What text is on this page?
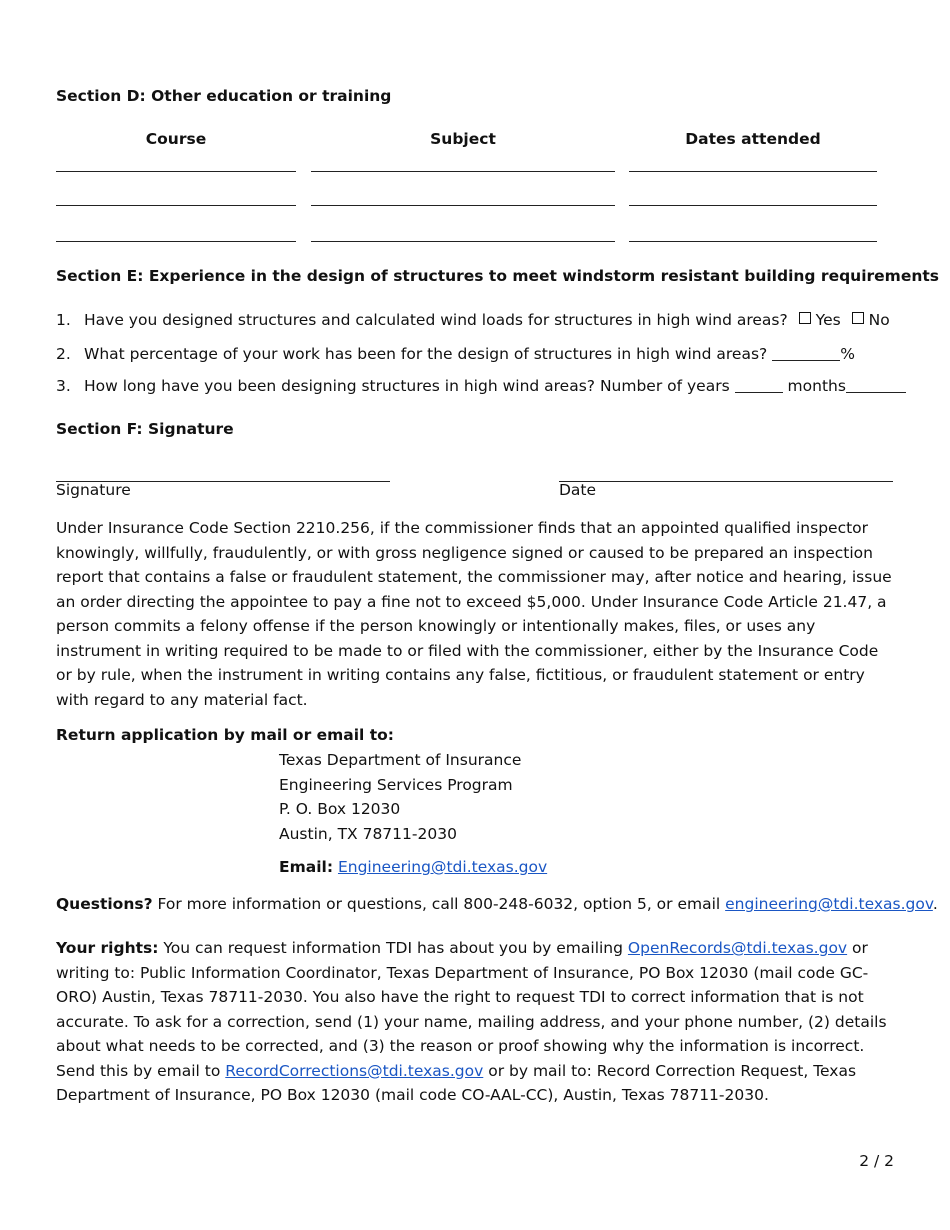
Section D: Other education or training
Course	Subject	Dates attended
Section E: Experience in the design of structures to meet windstorm resistant building requirements
1. Have you designed structures and calculated wind loads for structures in high wind areas? Yes No
2. What percentage of your work has been for the design of structures in high wind areas?	%
3. How long have you been designing structures in high wind areas? Number of years	months
Section F: Signature
Signature	Date
Under Insurance Code Section 2210.256, if the commissioner finds that an appointed qualified inspector knowingly, willfully, fraudulently, or with gross negligence signed or caused to be prepared an inspection report that contains a false or fraudulent statement, the commissioner may, after notice and hearing, issue an order directing the appointee to pay a fine not to exceed $5,000. Under Insurance Code Article 21.47, a person commits a felony offense if the person knowingly or intentionally makes, files, or uses any instrument in writing required to be made to or filed with the commissioner, either by the Insurance Code or by rule, when the instrument in writing contains any false, fictitious, or fraudulent statement or entry with regard to any material fact.
Return application by mail or email to:
Texas Department of Insurance
Engineering Services Program
P. O. Box 12030
Austin, TX 78711-2030
Email: Engineering@tdi.texas.gov
Questions? For more information or questions, call 800-248-6032, option 5, or email engineering@tdi.texas.gov.
Your rights: You can request information TDI has about you by emailing OpenRecords@tdi.texas.gov or writing to: Public Information Coordinator, Texas Department of Insurance, PO Box 12030 (mail code GC-ORO) Austin, Texas 78711-2030. You also have the right to request TDI to correct information that is not accurate. To ask for a correction, send (1) your name, mailing address, and your phone number, (2) details about what needs to be corrected, and (3) the reason or proof showing why the information is incorrect. Send this by email to RecordCorrections@tdi.texas.gov or by mail to: Record Correction Request, Texas Department of Insurance, PO Box 12030 (mail code CO-AAL-CC), Austin, Texas 78711-2030.
2 / 2
